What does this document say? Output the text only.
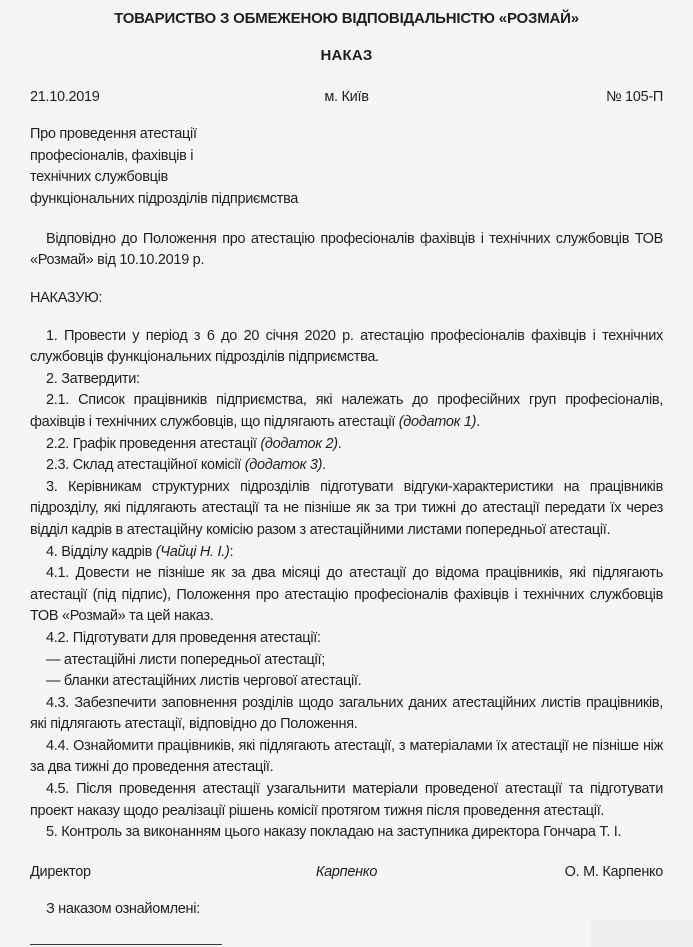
ТОВАРИСТВО З ОБМЕЖЕНОЮ ВІДПОВІДАЛЬНІСТЮ «РОЗМАЙ»
НАКАЗ
21.10.2019	м. Київ	№ 105-П
Про проведення атестації
професіоналів, фахівців і
технічних службовців
функціональних підрозділів підприємства

Відповідно до Положення про атестацію професіоналів фахівців і технічних службовців ТОВ «Розмай» від 10.10.2019 р.

НАКАЗУЮ:

1. Провести у період з 6 до 20 січня 2020 р. атестацію професіоналів фахівців і технічних службовців функціональних підрозділів підприємства.

2. Затвердити:

2.1. Список працівників підприємства, які належать до професійних груп професіоналів, фахівців і технічних службовців, що підлягають атестації (додаток 1).

2.2. Графік проведення атестації (додаток 2).

2.3. Склад атестаційної комісії (додаток 3).

3. Керівникам структурних підрозділів підготувати відгуки-характеристики на працівників підрозділу, які підлягають атестації та не пізніше як за три тижні до атестації передати їх через відділ кадрів в атестаційну комісію разом з атестаційними листами попередньої атестації.

4. Відділу кадрів (Чайці Н. І.):

4.1. Довести не пізніше як за два місяці до атестації до відома працівників, які підлягають атестації (під підпис), Положення про атестацію професіоналів фахівців і технічних службовців ТОВ «Розмай» та цей наказ.

4.2. Підготувати для проведення атестації:

— атестаційні листи попередньої атестації;

— бланки атестаційних листів чергової атестації.

4.3. Забезпечити заповнення розділів щодо загальних даних атестаційних листів працівників, які підлягають атестації, відповідно до Положення.

4.4. Ознайомити працівників, які підлягають атестації, з матеріалами їх атестації не пізніше ніж за два тижні до проведення атестації.

4.5. Після проведення атестації узагальнити матеріали проведеної атестації та підготувати проект наказу щодо реалізації рішень комісії протягом тижня після проведення атестації.

5. Контроль за виконанням цього наказу покладаю на заступника директора Гончара Т. І.

Директор	Карпенко	О. М. Карпенко
З наказом ознайомлені:
